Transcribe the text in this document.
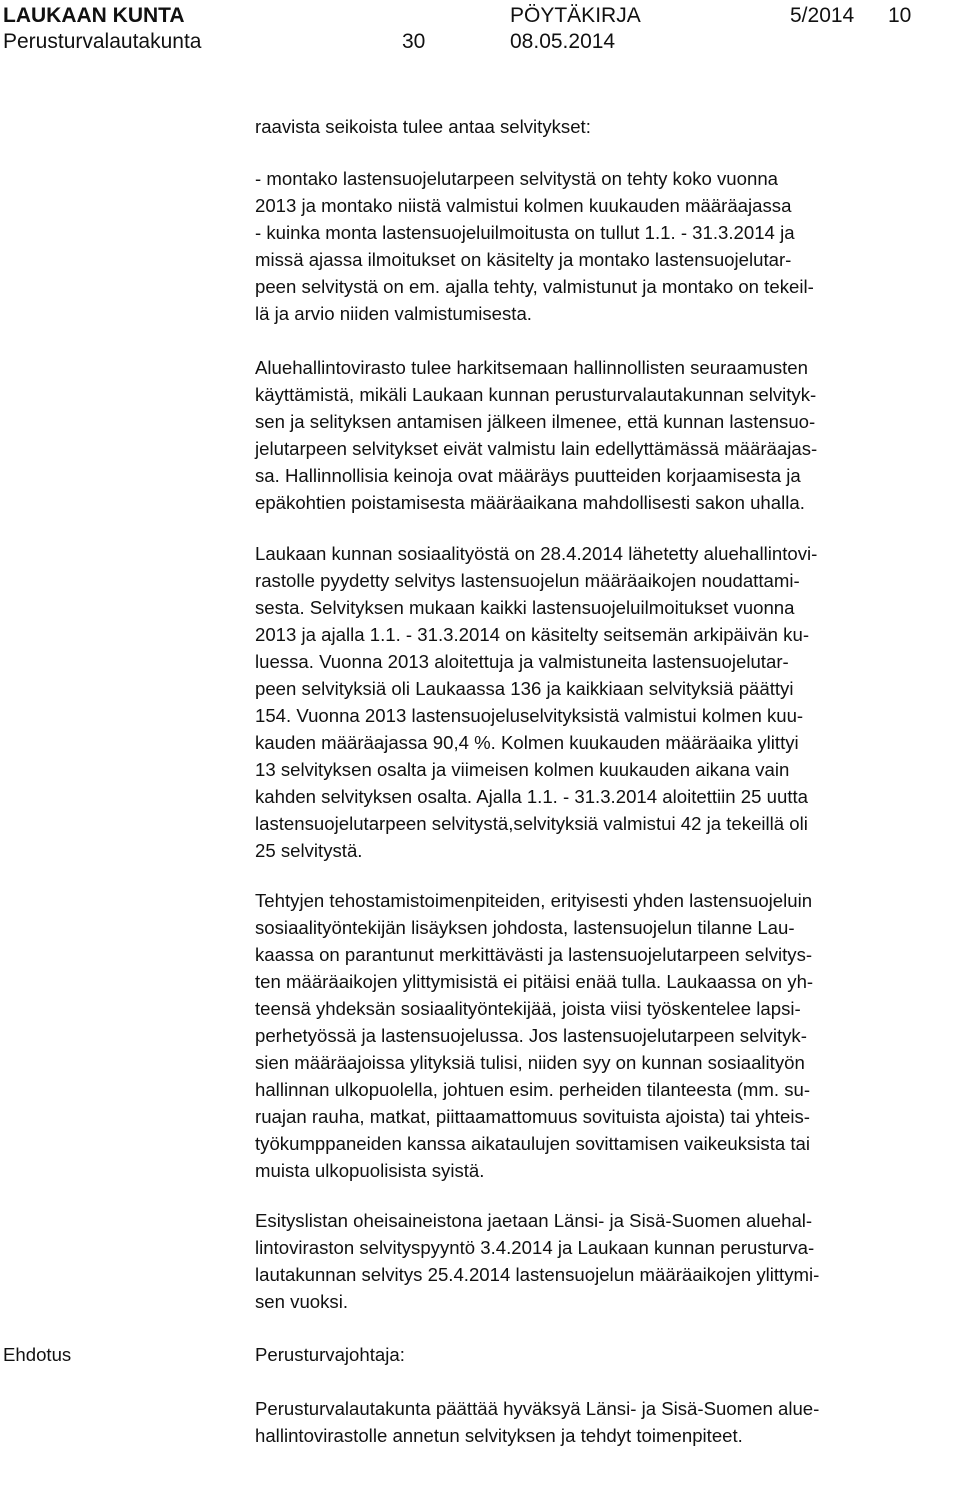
LAUKAAN KUNTA	PÖYTÄKIRJA	5/2014 10
Perusturvalautakunta	30	08.05.2014

raavista seikoista tulee antaa selvitykset:

- montako lastensuojelutarpeen selvitystä on tehty koko vuonna

2013 ja montako niistä valmistui kolmen kuukauden määräajassa

- kuinka monta lastensuojeluilmoitusta on tullut 1.1. - 31.3.2014 ja

missä ajassa ilmoitukset on käsitelty ja montako lastensuojelutar-

peen selvitystä on em. ajalla tehty, valmistunut ja montako on tekeil-

lä ja arvio niiden valmistumisesta.

Aluehallintovirasto tulee harkitsemaan hallinnollisten seuraamusten

käyttämistä, mikäli Laukaan kunnan perusturvalautakunnan selvityk-

sen ja selityksen antamisen jälkeen ilmenee, että kunnan lastensuo-

jelutarpeen selvitykset eivät valmistu lain edellyttämässä määräajas-

sa. Hallinnollisia keinoja ovat määräys puutteiden korjaamisesta ja

epäkohtien poistamisesta määräaikana mahdollisesti sakon uhalla.

Laukaan kunnan sosiaalityöstä on 28.4.2014 lähetetty aluehallintovi-

rastolle pyydetty selvitys lastensuojelun määräaikojen noudattami-

sesta. Selvityksen mukaan kaikki lastensuojeluilmoitukset vuonna

2013 ja ajalla 1.1. - 31.3.2014 on käsitelty seitsemän arkipäivän ku-

luessa. Vuonna 2013 aloitettuja ja valmistuneita lastensuojelutar-

peen selvityksiä oli Laukaassa 136 ja kaikkiaan selvityksiä päättyi

154. Vuonna 2013 lastensuojeluselvityksistä valmistui kolmen kuu-

kauden määräajassa 90,4 %. Kolmen kuukauden määräaika ylittyi

13 selvityksen osalta ja viimeisen kolmen kuukauden aikana vain

kahden selvityksen osalta. Ajalla 1.1. - 31.3.2014 aloitettiin 25 uutta

lastensuojelutarpeen selvitystä,selvityksiä valmistui 42 ja tekeillä oli

25 selvitystä.

Tehtyjen tehostamistoimenpiteiden, erityisesti yhden lastensuojeluin

sosiaalityöntekijän lisäyksen johdosta, lastensuojelun tilanne Lau-

kaassa on parantunut merkittävästi ja lastensuojelutarpeen selvitys-

ten määräaikojen ylittymisistä ei pitäisi enää tulla. Laukaassa on yh-

teensä yhdeksän sosiaalityöntekijää, joista viisi työskentelee lapsi-

perhetyössä ja lastensuojelussa. Jos lastensuojelutarpeen selvityk-

sien määräajoissa ylityksiä tulisi, niiden syy on kunnan sosiaalityön

hallinnan ulkopuolella, johtuen esim. perheiden tilanteesta (mm. su-

ruajan rauha, matkat, piittaamattomuus sovituista ajoista) tai yhteis-

työkumppaneiden kanssa aikataulujen sovittamisen vaikeuksista tai

muista ulkopuolisista syistä.

Esityslistan oheisaineistona jaetaan Länsi- ja Sisä-Suomen aluehal-

lintoviraston selvityspyyntö 3.4.2014 ja Laukaan kunnan perusturva-

lautakunnan selvitys 25.4.2014 lastensuojelun määräaikojen ylittymi-

sen vuoksi.

Perusturvajohtaja:

Perusturvalautakunta päättää hyväksyä Länsi- ja Sisä-Suomen alue-

hallintovirastolle annetun selvityksen ja tehdyt toimenpiteet.

Ehdotus
